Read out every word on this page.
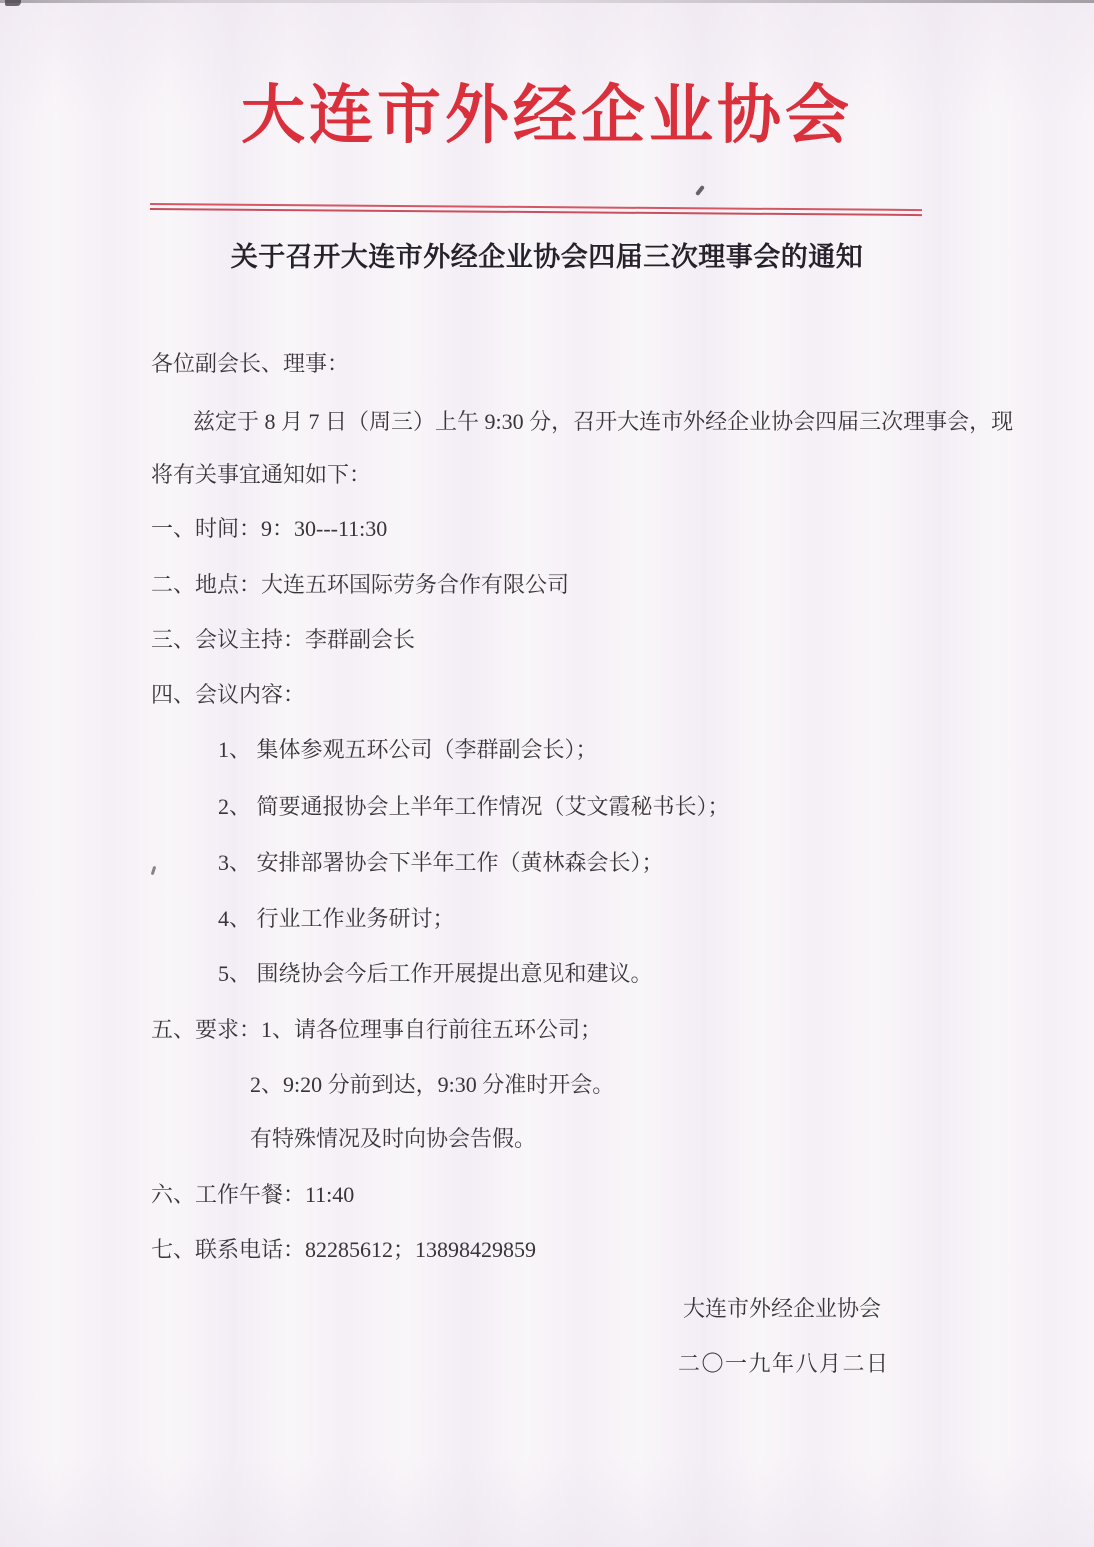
大连市外经企业协会
关于召开大连市外经企业协会四届三次理事会的通知

各位副会长、理事：

兹定于 8 月 7 日（周三）上午 9:30 分，召开大连市外经企业协会四届三次理事会，现

将有关事宜通知如下：

一、时间：9：30---11:30

二、地点：大连五环国际劳务合作有限公司

三、会议主持：李群副会长

四、会议内容：

1、 集体参观五环公司（李群副会长）；

2、 简要通报协会上半年工作情况（艾文霞秘书长）；

3、 安排部署协会下半年工作（黄林森会长）；

4、 行业工作业务研讨；

5、 围绕协会今后工作开展提出意见和建议。

五、要求：1、请各位理事自行前往五环公司；

2、9:20 分前到达，9:30 分准时开会。

有特殊情况及时向协会告假。

六、工作午餐：11:40

七、联系电话：82285612；13898429859

大连市外经企业协会

二〇一九年八月二日
